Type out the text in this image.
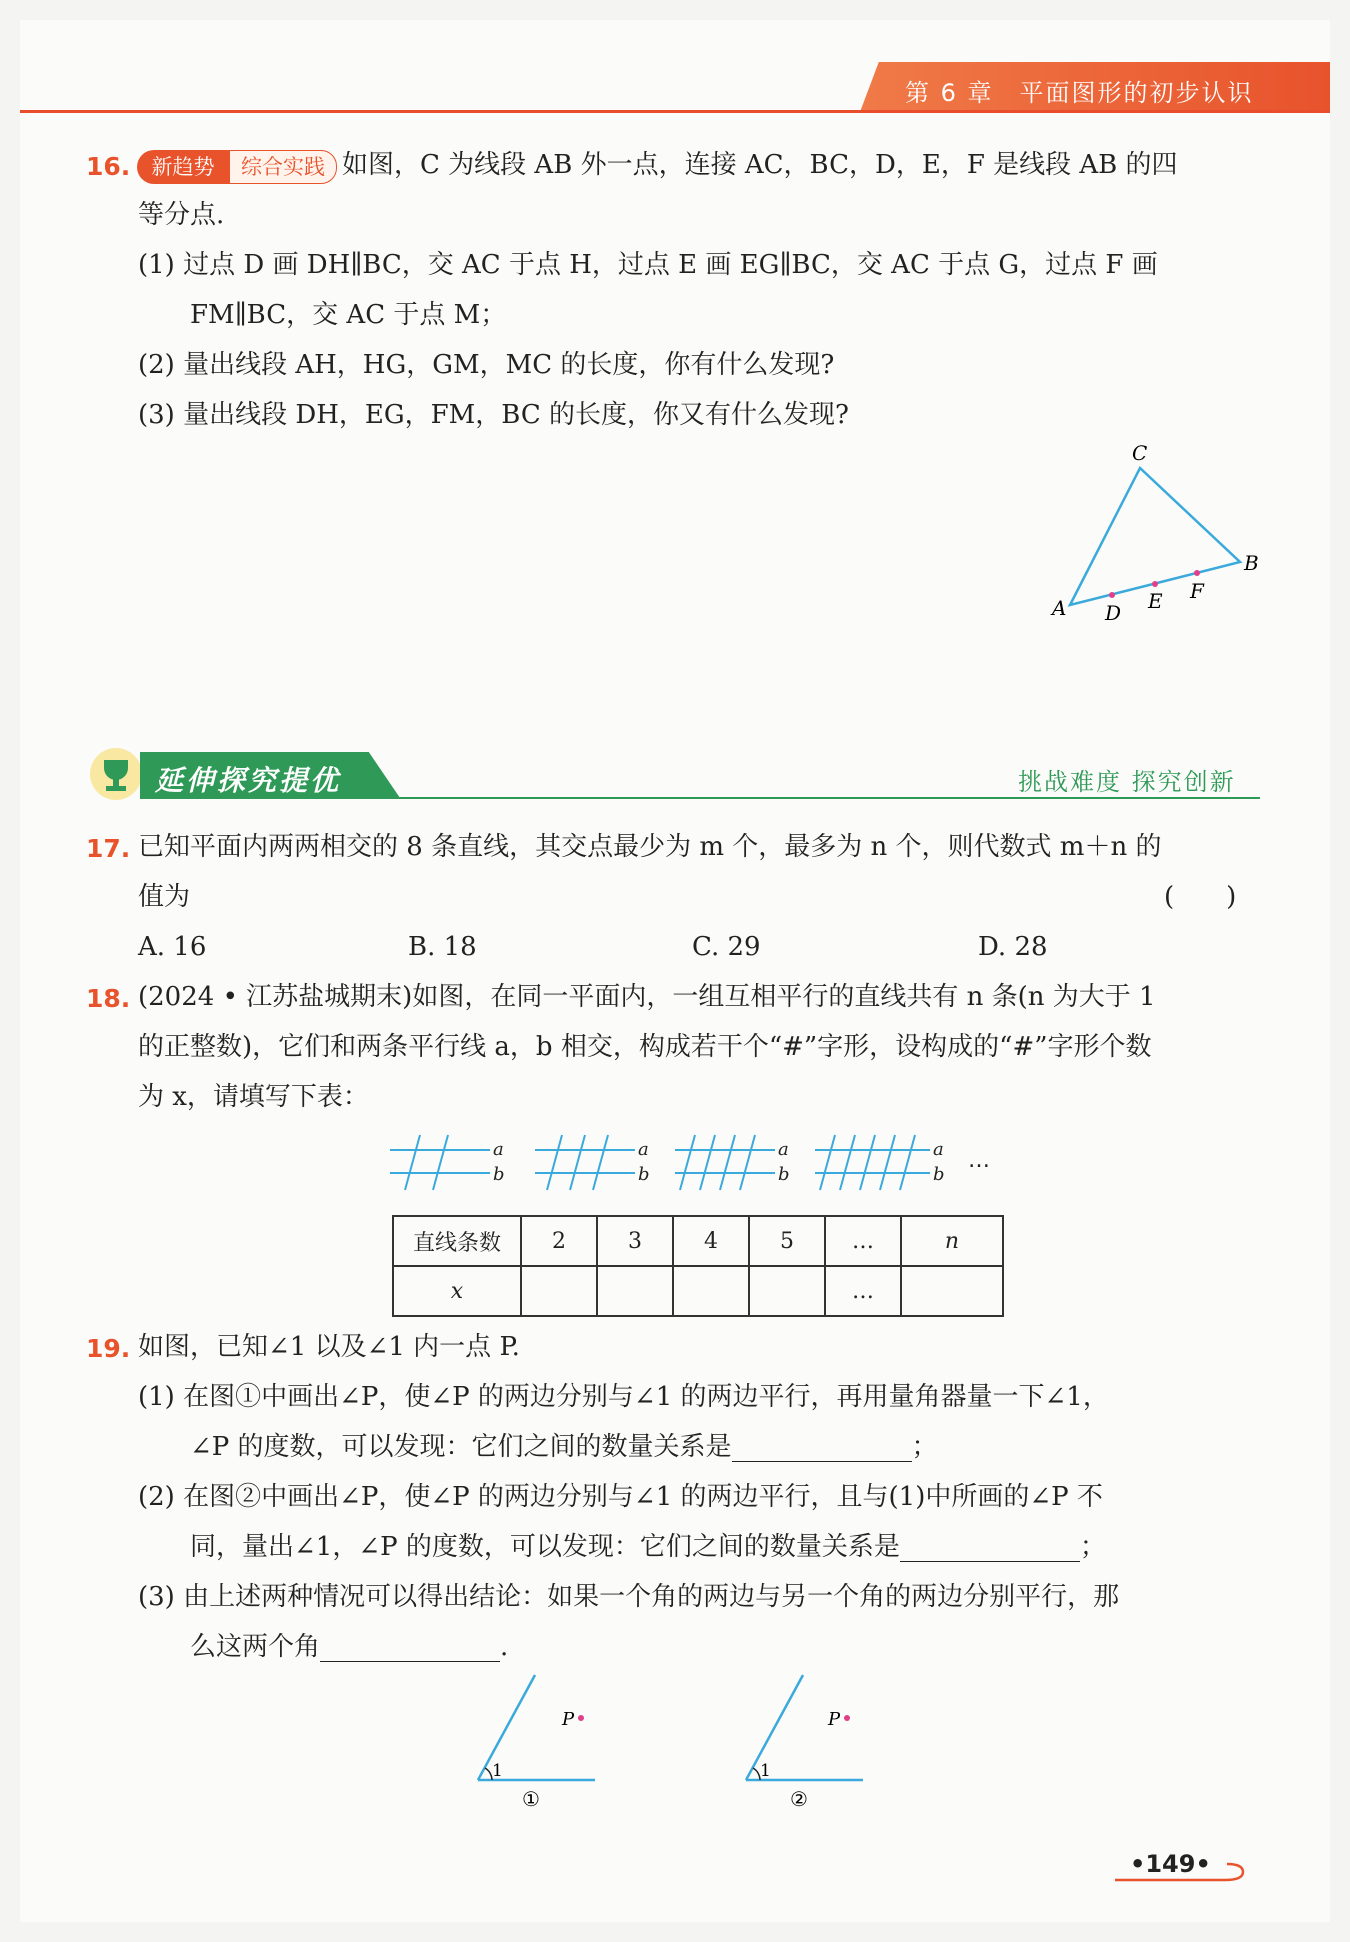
第 6 章　平面图形的初步认识
16.	新趋势	综合实践 如图，C 为线段 AB 外一点，连接 AC，BC，D，E，F 是线段 AB 的四
等分点.
(1) 过点 D 画 DH∥BC，交 AC 于点 H，过点 E 画 EG∥BC，交 AC 于点 G，过点 F 画
FM∥BC，交 AC 于点 M；
(2) 量出线段 AH，HG，GM，MC 的长度，你有什么发现?
(3) 量出线段 DH，EG，FM，BC 的长度，你又有什么发现?
C
B
A D E F
延伸探究提优	挑战难度 探究创新
17. 已知平面内两两相交的 8 条直线，其交点最少为 m 个，最多为 n 个，则代数式 m＋n 的
值为	(　　)
A. 16	B. 18	C. 29	D. 28
18. (2024 • 江苏盐城期末)如图，在同一平面内，一组互相平行的直线共有 n 条(n 为大于 1
的正整数)，它们和两条平行线 a，b 相交，构成若干个“#”字形，设构成的“#”字形个数
为 x，请填写下表：
a
b
a
b
a
b
a
b
…
直线条数	2	3	4	5	…	n
x					…	
19. 如图，已知∠1 以及∠1 内一点 P.
(1) 在图①中画出∠P，使∠P 的两边分别与∠1 的两边平行，再用量角器量一下∠1，
∠P 的度数，可以发现：它们之间的数量关系是	；
(2) 在图②中画出∠P，使∠P 的两边分别与∠1 的两边平行，且与(1)中所画的∠P 不
同，量出∠1，∠P 的度数，可以发现：它们之间的数量关系是	；
(3) 由上述两种情况可以得出结论：如果一个角的两边与另一个角的两边分别平行，那
么这两个角	.
P
1
①
P
1
②
•149•
